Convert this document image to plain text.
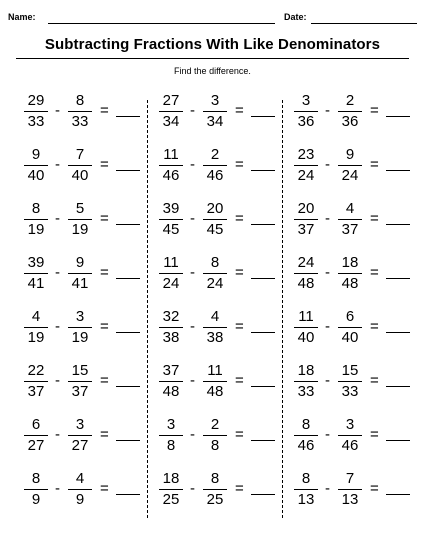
Name:	Date:
Subtracting Fractions With Like Denominators
Find the difference.
29
33
-
8
33
=
9
40
-
7
40
=
8
19
-
5
19
=
39
41
-
9
41
=
4
19
-
3
19
=
22
37
-
15
37
=
6
27
-
3
27
=
8
9
-
4
9
=
27
34
-
3
34
=
11
46
-
2
46
=
39
45
-
20
45
=
11
24
-
8
24
=
32
38
-
4
38
=
37
48
-
11
48
=
3
8
-
2
8
=
18
25
-
8
25
=
3
36
-
2
36
=
23
24
-
9
24
=
20
37
-
4
37
=
24
48
-
18
48
=
11
40
-
6
40
=
18
33
-
15
33
=
8
46
-
3
46
=
8
13
-
7
13
=
